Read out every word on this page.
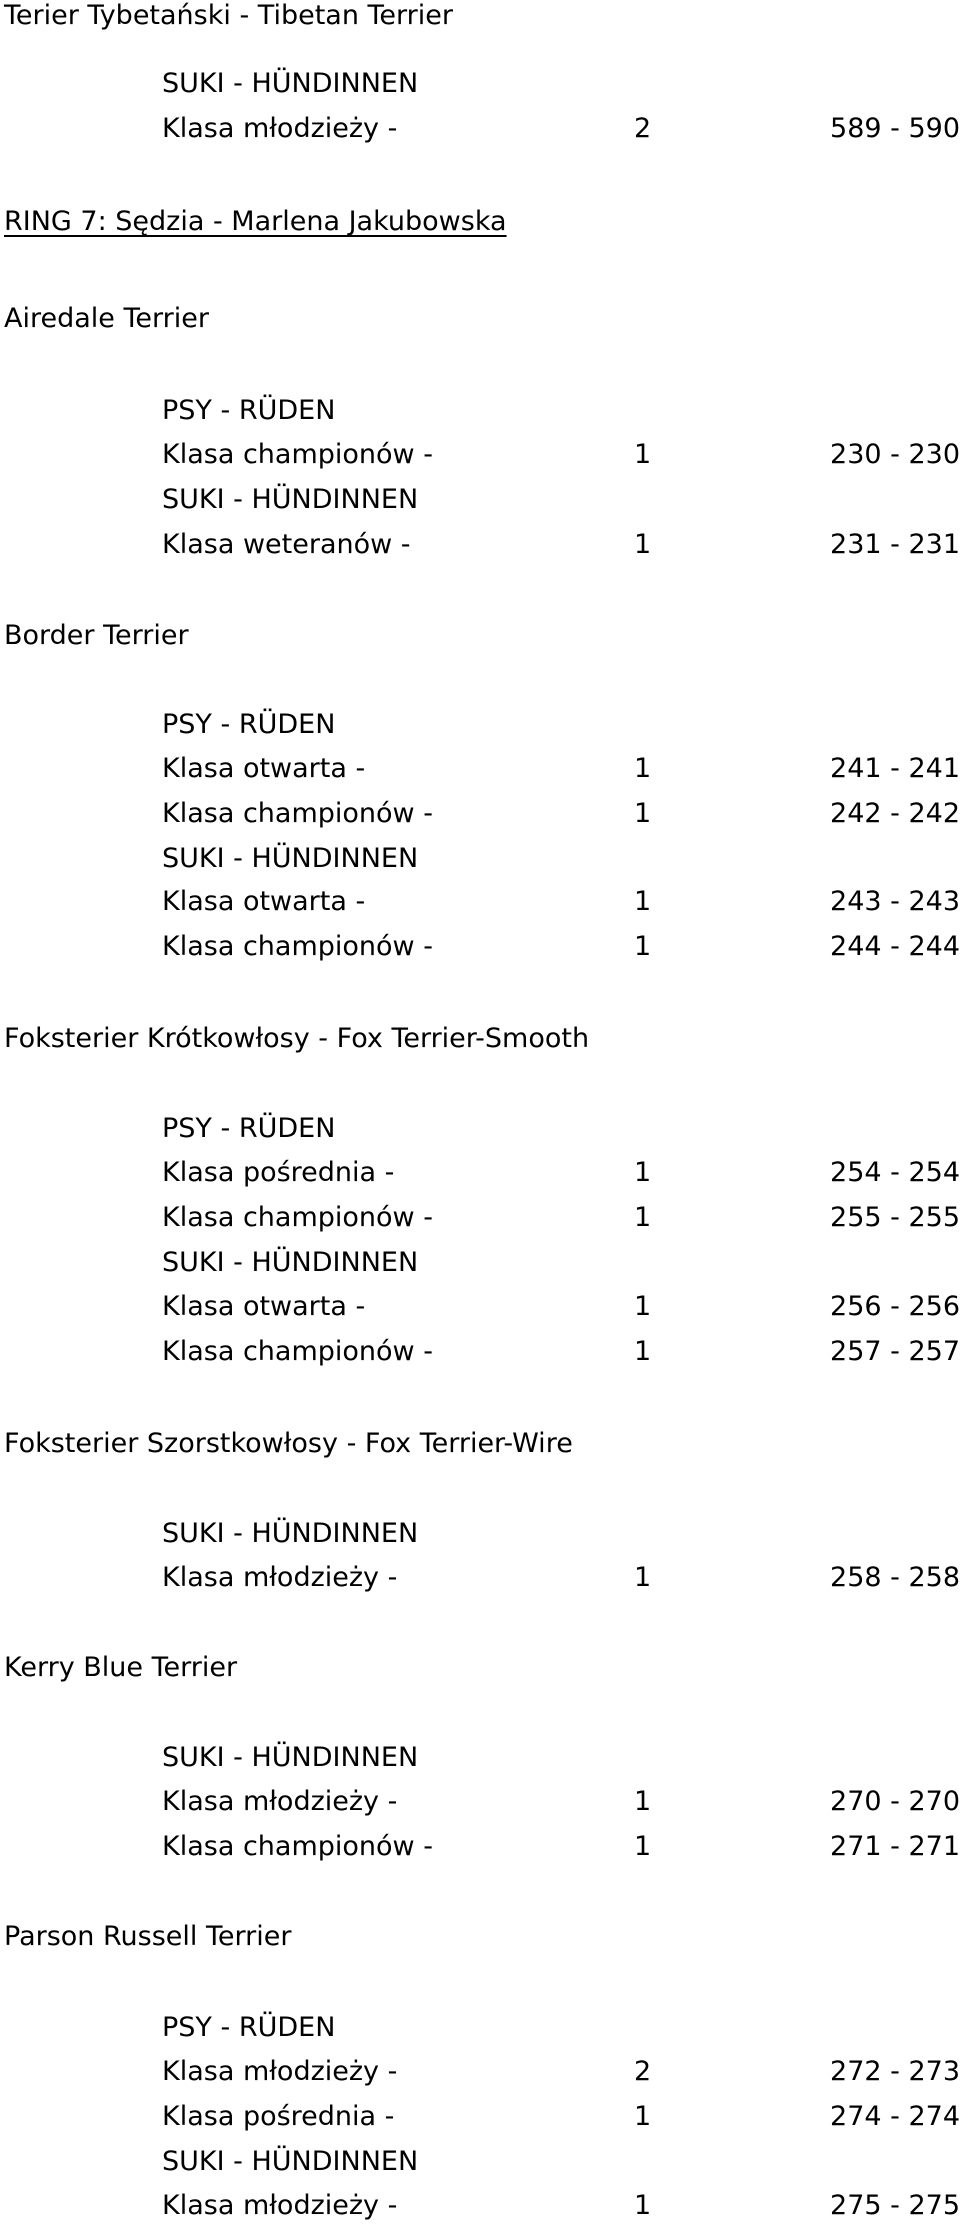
Terier Tybetański - Tibetan Terrier
SUKI - HÜNDINNEN
Klasa młodzieży -	2	589 - 590
RING 7: Sędzia - Marlena Jakubowska
Airedale Terrier
PSY - RÜDEN
Klasa championów -	1	230 - 230
SUKI - HÜNDINNEN
Klasa weteranów -	1	231 - 231
Border Terrier
PSY - RÜDEN
Klasa otwarta -	1	241 - 241
Klasa championów -	1	242 - 242
SUKI - HÜNDINNEN
Klasa otwarta -	1	243 - 243
Klasa championów -	1	244 - 244
Foksterier Krótkowłosy - Fox Terrier-Smooth
PSY - RÜDEN
Klasa pośrednia -	1	254 - 254
Klasa championów -	1	255 - 255
SUKI - HÜNDINNEN
Klasa otwarta -	1	256 - 256
Klasa championów -	1	257 - 257
Foksterier Szorstkowłosy - Fox Terrier-Wire
SUKI - HÜNDINNEN
Klasa młodzieży -	1	258 - 258
Kerry Blue Terrier
SUKI - HÜNDINNEN
Klasa młodzieży -	1	270 - 270
Klasa championów -	1	271 - 271
Parson Russell Terrier
PSY - RÜDEN
Klasa młodzieży -	2	272 - 273
Klasa pośrednia -	1	274 - 274
SUKI - HÜNDINNEN
Klasa młodzieży -	1	275 - 275
